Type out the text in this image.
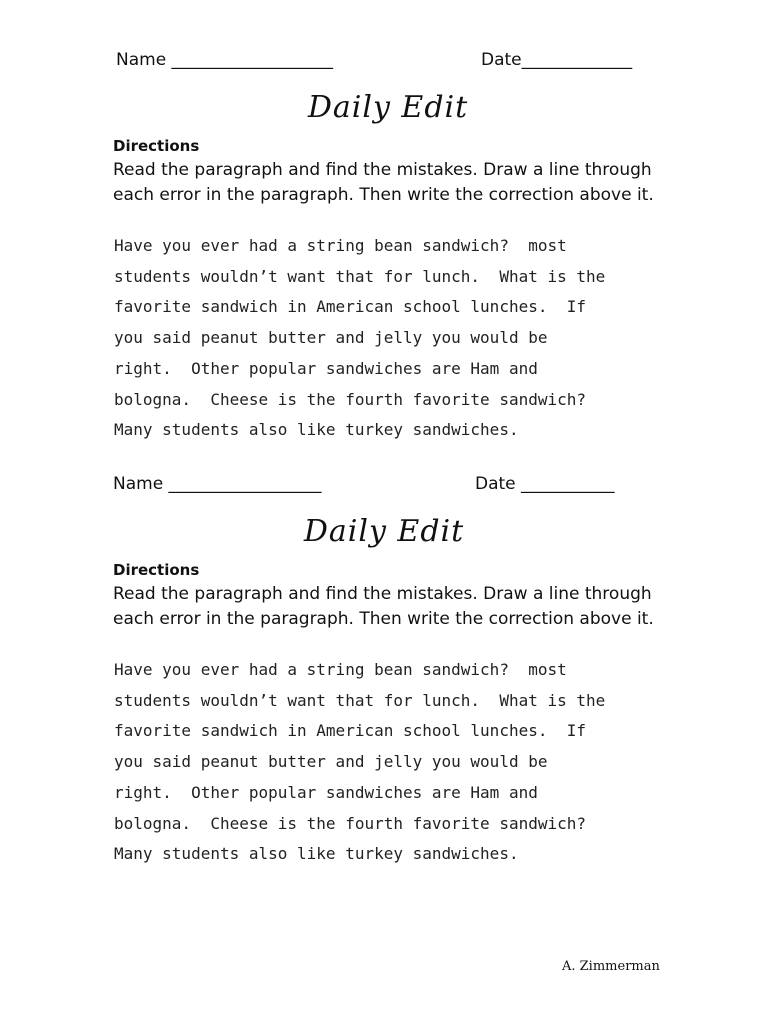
Name ___________________	Date_____________
Daily Edit
Directions
Read the paragraph and find the mistakes. Draw a line through
each error in the paragraph. Then write the correction above it.
Have you ever had a string bean sandwich?  most
students wouldn’t want that for lunch.  What is the
favorite sandwich in American school lunches.  If
you said peanut butter and jelly you would be
right.  Other popular sandwiches are Ham and
bologna.  Cheese is the fourth favorite sandwich?
Many students also like turkey sandwiches.
Name __________________	Date ___________
Daily Edit
Directions
Read the paragraph and find the mistakes. Draw a line through
each error in the paragraph. Then write the correction above it.
Have you ever had a string bean sandwich?  most
students wouldn’t want that for lunch.  What is the
favorite sandwich in American school lunches.  If
you said peanut butter and jelly you would be
right.  Other popular sandwiches are Ham and
bologna.  Cheese is the fourth favorite sandwich?
Many students also like turkey sandwiches.
A. Zimmerman
